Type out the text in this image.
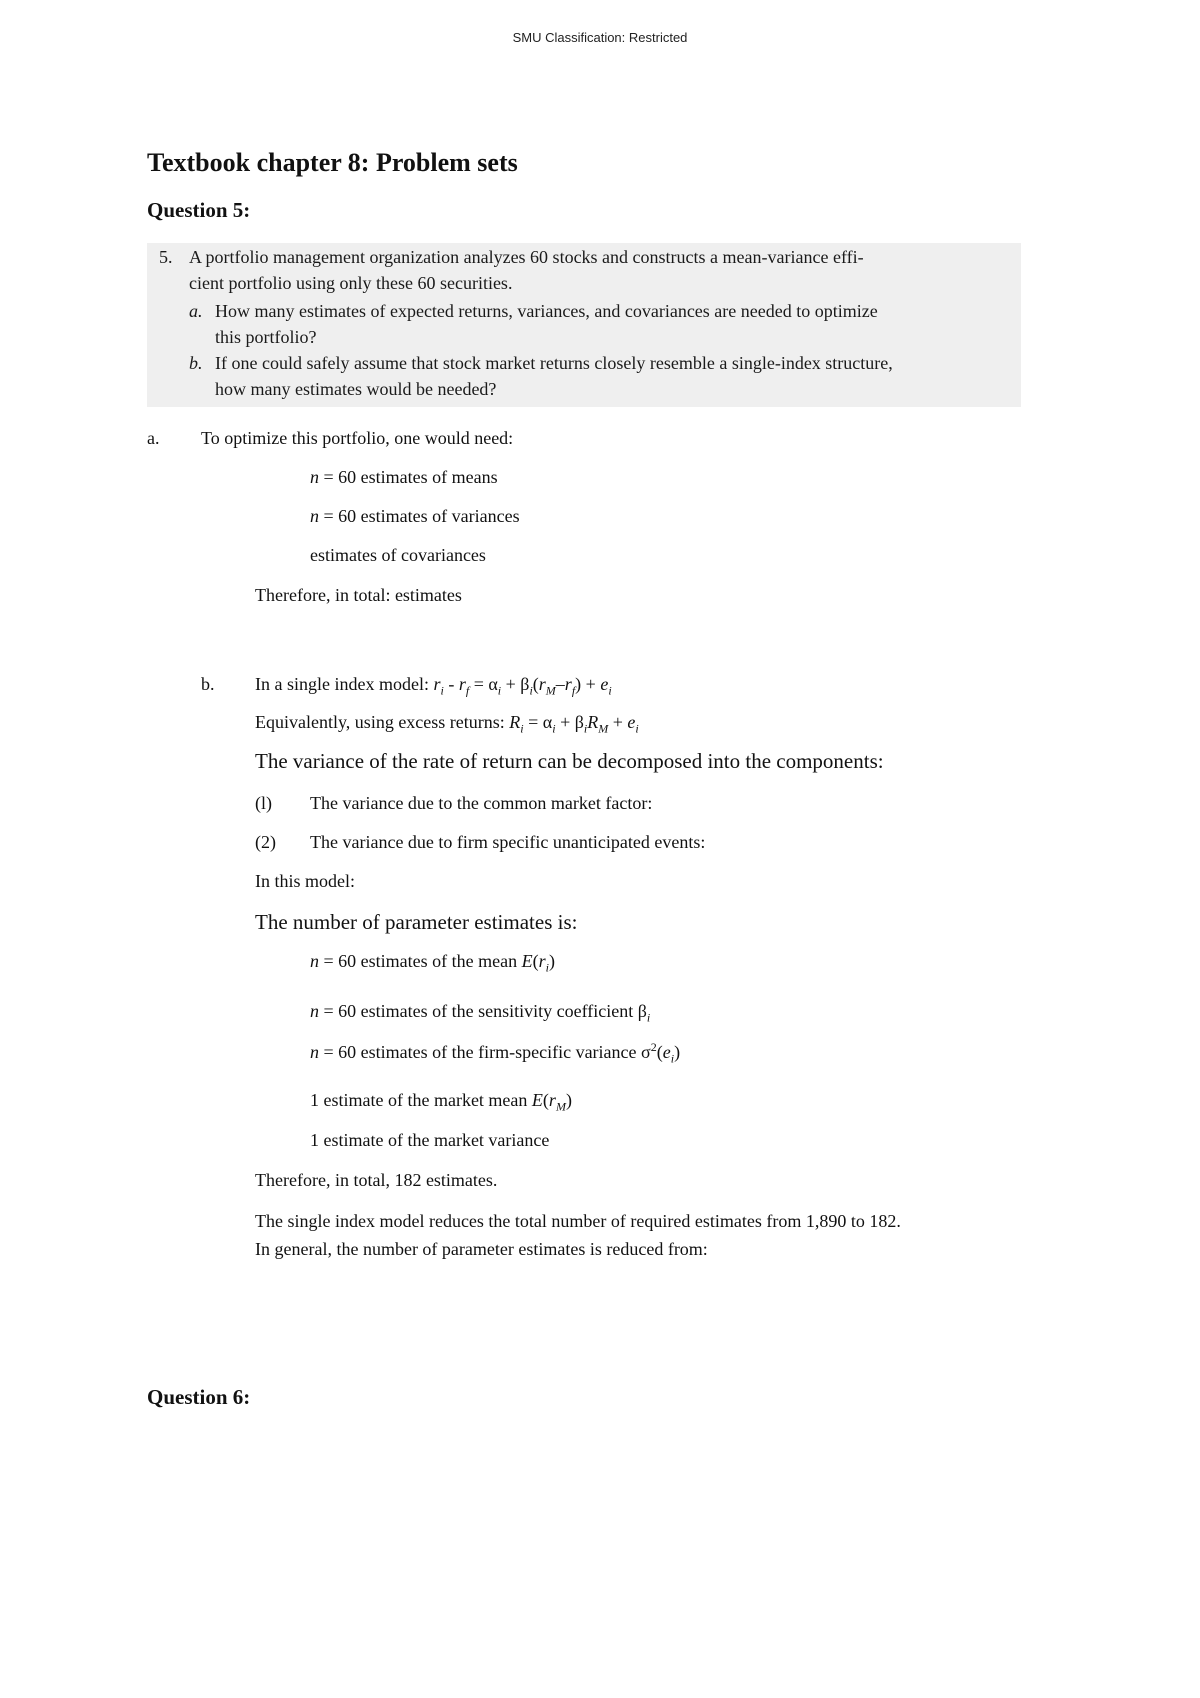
SMU Classification: Restricted
Textbook chapter 8: Problem sets
Question 5:
5. A portfolio management organization analyzes 60 stocks and constructs a mean-variance effi-
cient portfolio using only these 60 securities.
a. How many estimates of expected returns, variances, and covariances are needed to optimize
this portfolio?
b. If one could safely assume that stock market returns closely resemble a single-index structure,
how many estimates would be needed?
a. To optimize this portfolio, one would need:
n = 60 estimates of means
n = 60 estimates of variances
estimates of covariances
Therefore, in total: estimates
b. In a single index model: $r_i - r_f = \alpha_i + \beta_i(r_M-r_f) + e_i$
Equivalently, using excess returns: $R_i = \alpha_i + \beta_iR_M + e_i$
The variance of the rate of return can be decomposed into the components:
(l) The variance due to the common market factor:
(2) The variance due to firm specific unanticipated events:
In this model:
The number of parameter estimates is:
n = 60 estimates of the mean $E(r_i)$
n = 60 estimates of the sensitivity coefficient $\beta_i$
n = 60 estimates of the firm-specific variance $\sigma^2(e_i)$
1 estimate of the market mean $E(r_M)$
1 estimate of the market variance
Therefore, in total, 182 estimates.
The single index model reduces the total number of required estimates from 1,890 to 182.
In general, the number of parameter estimates is reduced from:
Question 6:
